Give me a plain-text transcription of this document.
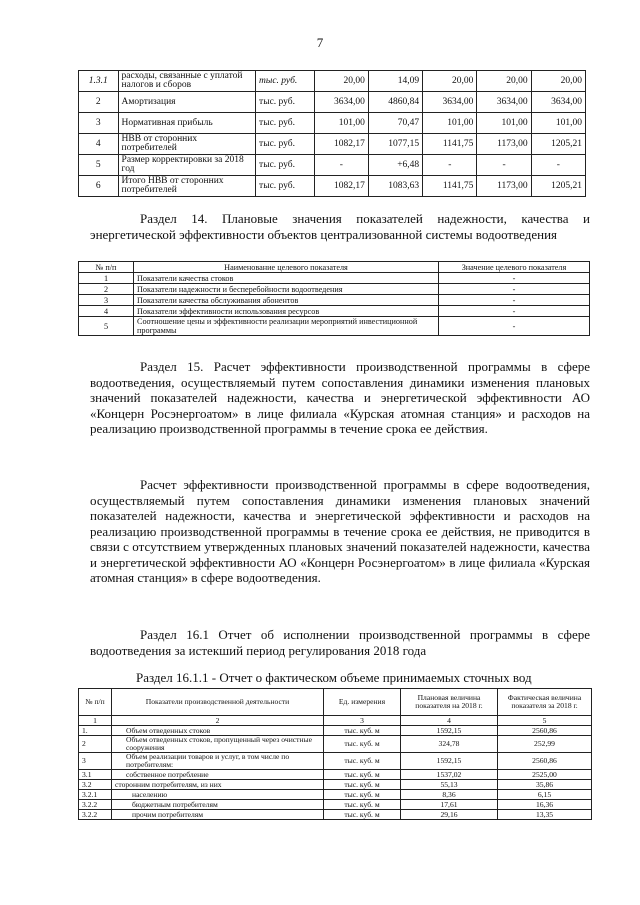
7
1.3.1	расходы, связанные с уплатой налогов и сборов	тыс. руб.	20,00	14,09	20,00	20,00	20,00
2	Амортизация	тыс. руб.	3634,00	4860,84	3634,00	3634,00	3634,00
3	Нормативная прибыль	тыс. руб.	101,00	70,47	101,00	101,00	101,00
4	НВВ от сторонних потребителей	тыс. руб.	1082,17	1077,15	1141,75	1173,00	1205,21
5	Размер корректировки за 2018 год	тыс. руб.	-	+6,48	-	-	-
6	Итого НВВ от сторонних потребителей	тыс. руб.	1082,17	1083,63	1141,75	1173,00	1205,21
Раздел 14. Плановые значения показателей надежности, качества и энергетической эффективности объектов централизованной системы водоотведения
№ п/п	Наименование целевого показателя	Значение целевого показателя
1	Показатели качества стоков	-
2	Показатели надежности и бесперебойности водоотведения	-
3	Показатели качества обслуживания абонентов	-
4	Показатели эффективности использования ресурсов	-
5	Соотношение цены и эффективности реализации мероприятий инвестиционной программы	-
Раздел 15. Расчет эффективности производственной программы в сфере водоотведения, осуществляемый путем сопоставления динамики изменения плановых значений показателей надежности, качества и энергетической эффективности АО «Концерн Росэнергоатом» в лице филиала «Курская атомная станция» и расходов на реализацию производственной программы в течение срока ее действия.
Расчет эффективности производственной программы в сфере водоотведения, осуществляемый путем сопоставления динамики изменения плановых значений показателей надежности, качества и энергетической эффективности и расходов на реализацию производственной программы в течение срока ее действия, не приводится в связи с отсутствием утвержденных плановых значений показателей надежности, качества и энергетической эффективности АО «Концерн Росэнергоатом» в лице филиала «Курская атомная станция» в сфере водоотведения.
Раздел 16.1 Отчет об исполнении производственной программы в сфере водоотведения за истекший период регулирования 2018 года
Раздел 16.1.1 - Отчет о фактическом объеме принимаемых сточных вод
№ п/п	Показатели производственной деятельности	Ед. измерения	Плановая величина показателя на 2018 г.	Фактическая величина показателя за 2018 г.
1	2	3	4	5
1.	Объем отведенных стоков	тыс. куб. м	1592,15	2560,86
2	Объем отведенных стоков, пропущенный через очистные сооружения	тыс. куб. м	324,78	252,99
3	Объем реализации товаров и услуг, в том числе по потребителям:	тыс. куб. м	1592,15	2560,86
3.1	собственное потребление	тыс. куб. м	1537,02	2525,00
3.2	сторонним потребителям, из них	тыс. куб. м	55,13	35,86
3.2.1	населению	тыс. куб. м	8,36	6,15
3.2.2	бюджетным потребителям	тыс. куб. м	17,61	16,36
3.2.2	прочим потребителям	тыс. куб. м	29,16	13,35
